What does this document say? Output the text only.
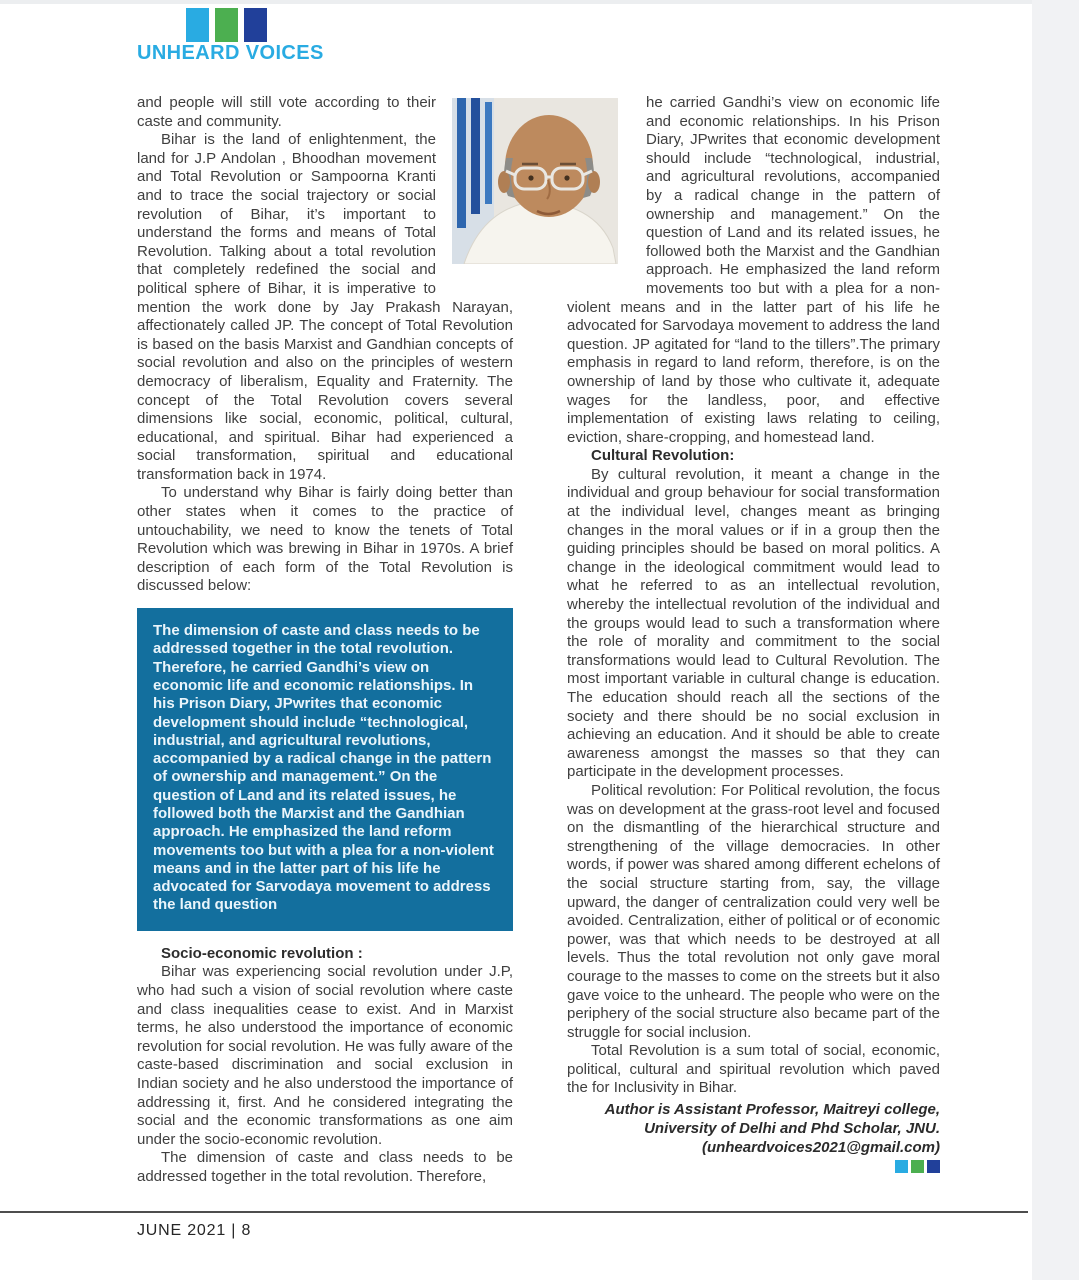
UNHEARD VOICES

and people will still vote according to their caste and community.

Bihar is the land of enlightenment, the land for J.P Andolan , Bhoodhan movement and Total Revolution or Sampoorna Kranti and to trace the social trajectory or social revolution of Bihar, it’s important to understand the forms and means of Total Revolution. Talking about a total revolution that completely redefined the social and political sphere of Bihar, it is imperative to mention the work done by Jay Prakash Narayan, affectionately called JP. The concept of Total Revolution is based on the basis Marxist and Gandhian concepts of social revolution and also on the principles of western democracy of liberalism, Equality and Fraternity. The concept of the Total Revolution covers several dimensions like social, economic, political, cultural, educational, and spiritual. Bihar had experienced a social transformation, spiritual and educational transformation back in 1974.

To understand why Bihar is fairly doing better than other states when it comes to the practice of untouchability, we need to know the tenets of Total Revolution which was brewing in Bihar in 1970s. A brief description of each form of the Total Revolution is discussed below:

The dimension of caste and class needs to be addressed together in the total revolution. Therefore, he carried Gandhi’s view on economic life and economic relationships. In his Prison Diary, JPwrites that economic development should include “technological, industrial, and agricultural revolutions, accompanied by a radical change in the pattern of ownership and management.” On the question of Land and its related issues, he followed both the Marxist and the Gandhian approach. He emphasized the land reform movements too but with a plea for a non-violent means and in the latter part of his life he advocated for Sarvodaya movement to address the land question

Socio-economic revolution :

Bihar was experiencing social revolution under J.P, who had such a vision of social revolution where caste and class inequalities cease to exist. And in Marxist terms, he also understood the importance of economic revolution for social revolution. He was fully aware of the caste-based discrimination and social exclusion in Indian society and he also understood the importance of addressing it, first. And he considered integrating the social and the economic transformations as one aim under the socio-economic revolution.

The dimension of caste and class needs to be addressed together in the total revolution. Therefore,

he carried Gandhi’s view on economic life and economic relationships. In his Prison Diary, JPwrites that economic development should include “technological, industrial, and agricultural revolutions, accompanied by a radical change in the pattern of ownership and management.” On the question of Land and its related issues, he followed both the Marxist and the Gandhian approach. He emphasized the land reform movements too but with a plea for a non-violent means and in the latter part of his life he advocated for Sarvodaya movement to address the land question. JP agitated for “land to the tillers”.The primary emphasis in regard to land reform, therefore, is on the ownership of land by those who cultivate it, adequate wages for the landless, poor, and effective implementation of existing laws relating to ceiling, eviction, share-cropping, and homestead land.

Cultural Revolution:

By cultural revolution, it meant a change in the individual and group behaviour for social transformation at the individual level, changes meant as bringing changes in the moral values or if in a group then the guiding principles should be based on moral politics. A change in the ideological commitment would lead to what he referred to as an intellectual revolution, whereby the intellectual revolution of the individual and the groups would lead to such a transformation where the role of morality and commitment to the social transformations would lead to Cultural Revolution. The most important variable in cultural change is education. The education should reach all the sections of the society and there should be no social exclusion in achieving an education. And it should be able to create awareness amongst the masses so that they can participate in the development processes.

Political revolution: For Political revolution, the focus was on development at the grass-root level and focused on the dismantling of the hierarchical structure and strengthening of the village democracies. In other words, if power was shared among different echelons of the social structure starting from, say, the village upward, the danger of centralization could very well be avoided. Centralization, either of political or of economic power, was that which needs to be destroyed at all levels. Thus the total revolution not only gave moral courage to the masses to come on the streets but it also gave voice to the unheard. The people who were on the periphery of the social structure also became part of the struggle for social inclusion.

Total Revolution is a sum total of social, economic, political, cultural and spiritual revolution which paved the for Inclusivity in Bihar.

Author is Assistant Professor, Maitreyi college,
University of Delhi and Phd Scholar, JNU.
(unheardvoices2021@gmail.com)
JUNE 2021 | 8
